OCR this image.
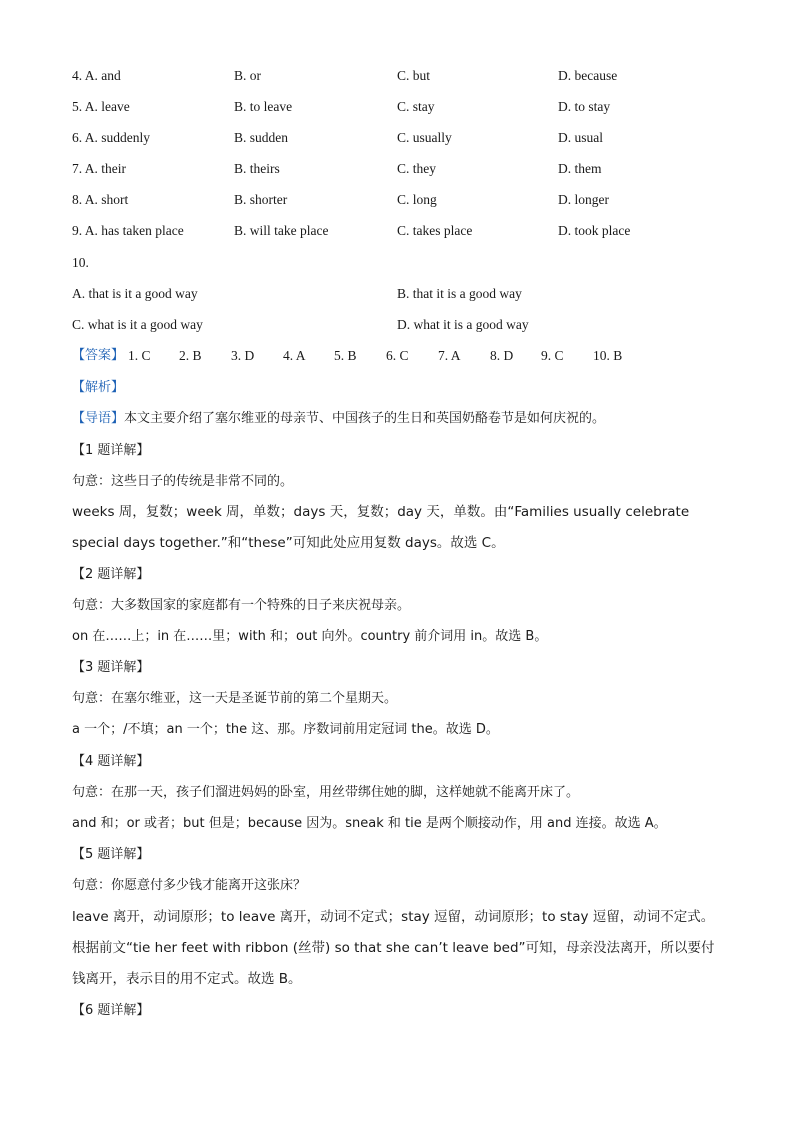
4. A. and	B. or	C. but	D. because
5. A. leave	B. to leave	C. stay	D. to stay
6. A. suddenly	B. sudden	C. usually	D. usual
7. A. their	B. theirs	C. they	D. them
8. A. short	B. shorter	C. long	D. longer
9. A. has taken place	B. will take place	C. takes place	D. took place
10.
A. that is it a good way	B. that it is a good way
C. what is it a good way	D. what it is a good way
【答案】 1. C 2. B 3. D 4. A 5. B 6. C 7. A 8. D 9. C 10. B
【解析】
【导语】本文主要介绍了塞尔维亚的母亲节、中国孩子的生日和英国奶酪卷节是如何庆祝的。
【1 题详解】
句意：这些日子的传统是非常不同的。
weeks 周，复数；week 周，单数；days 天，复数；day 天，单数。由“Families usually celebrate special days together.”和“these”可知此处应用复数 days。故选 C。
【2 题详解】
句意：大多数国家的家庭都有一个特殊的日子来庆祝母亲。
on 在……上；in 在……里；with 和；out 向外。country 前介词用 in。故选 B。
【3 题详解】
句意：在塞尔维亚，这一天是圣诞节前的第二个星期天。
a 一个；/不填；an 一个；the 这、那。序数词前用定冠词 the。故选 D。
【4 题详解】
句意：在那一天，孩子们溜进妈妈的卧室，用丝带绑住她的脚，这样她就不能离开床了。
and 和；or 或者；but 但是；because 因为。sneak 和 tie 是两个顺接动作，用 and 连接。故选 A。
【5 题详解】
句意：你愿意付多少钱才能离开这张床？
leave 离开，动词原形；to leave 离开，动词不定式；stay 逗留，动词原形；to stay 逗留，动词不定式。根据前文“tie her feet with ribbon (丝带) so that she can’t leave bed”可知，母亲没法离开，所以要付钱离开，表示目的用不定式。故选 B。
【6 题详解】
